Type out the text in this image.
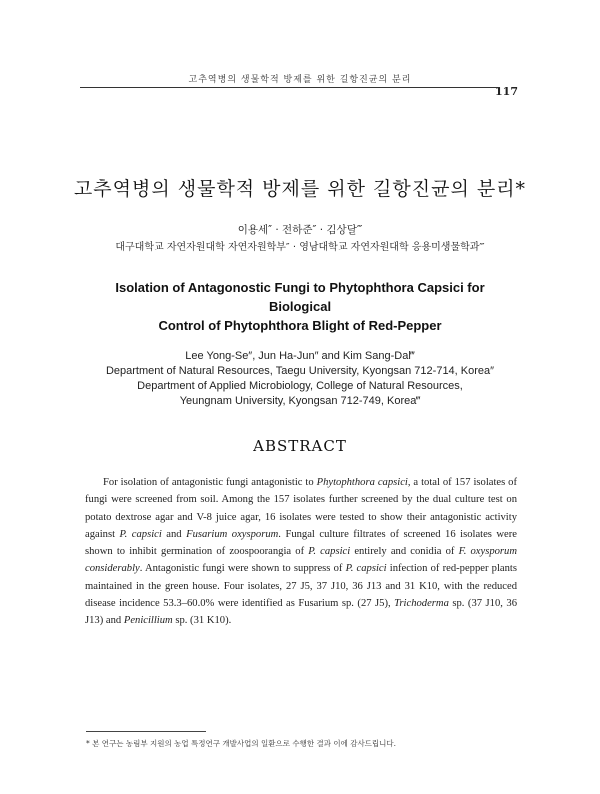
고추역병의 생물학적 방제를 위한 길항진균의 분리
117
고추역병의 생물학적 방제를 위한 길항진균의 분리*
이용세″ · 전하준″ · 김상달‴
대구대학교 자연자원대학 자연자원학부″ · 영남대학교 자연자원대학 응용미생물학과‴
Isolation of Antagonostic Fungi to Phytophthora Capsici for Biological
Control of Phytophthora Blight of Red-Pepper
Lee Yong-Se″, Jun Ha-Jun″ and Kim Sang-Dal‴
Department of Natural Resources, Taegu University, Kyongsan 712-714, Korea″
Department of Applied Microbiology, College of Natural Resources,
Yeungnam University, Kyongsan 712-749, Korea‴
ABSTRACT

For isolation of antagonistic fungi antagonistic to Phytophthora capsici, a total of 157 isolates of fungi were screened from soil. Among the 157 isolates further screened by the dual culture test on potato dextrose agar and V-8 juice agar, 16 isolates were tested to show their antagonistic activity against P. capsici and Fusarium oxysporum. Fungal culture filtrates of screened 16 isolates were shown to inhibit germination of zoospoorangia of P. capsici entirely and conidia of F. oxysporum considerably. Antagonistic fungi were shown to suppress of P. capsici infection of red-pepper plants maintained in the green house. Four isolates, 27 J5, 37 J10, 36 J13 and 31 K10, with the reduced disease incidence 53.3–60.0% were identified as Fusarium sp. (27 J5), Trichoderma sp. (37 J10, 36 J13) and Penicillium sp. (31 K10).

* 본 연구는 농림부 지원의 농업 특정연구 개발사업의 일환으로 수행한 결과 이에 감사드립니다.
